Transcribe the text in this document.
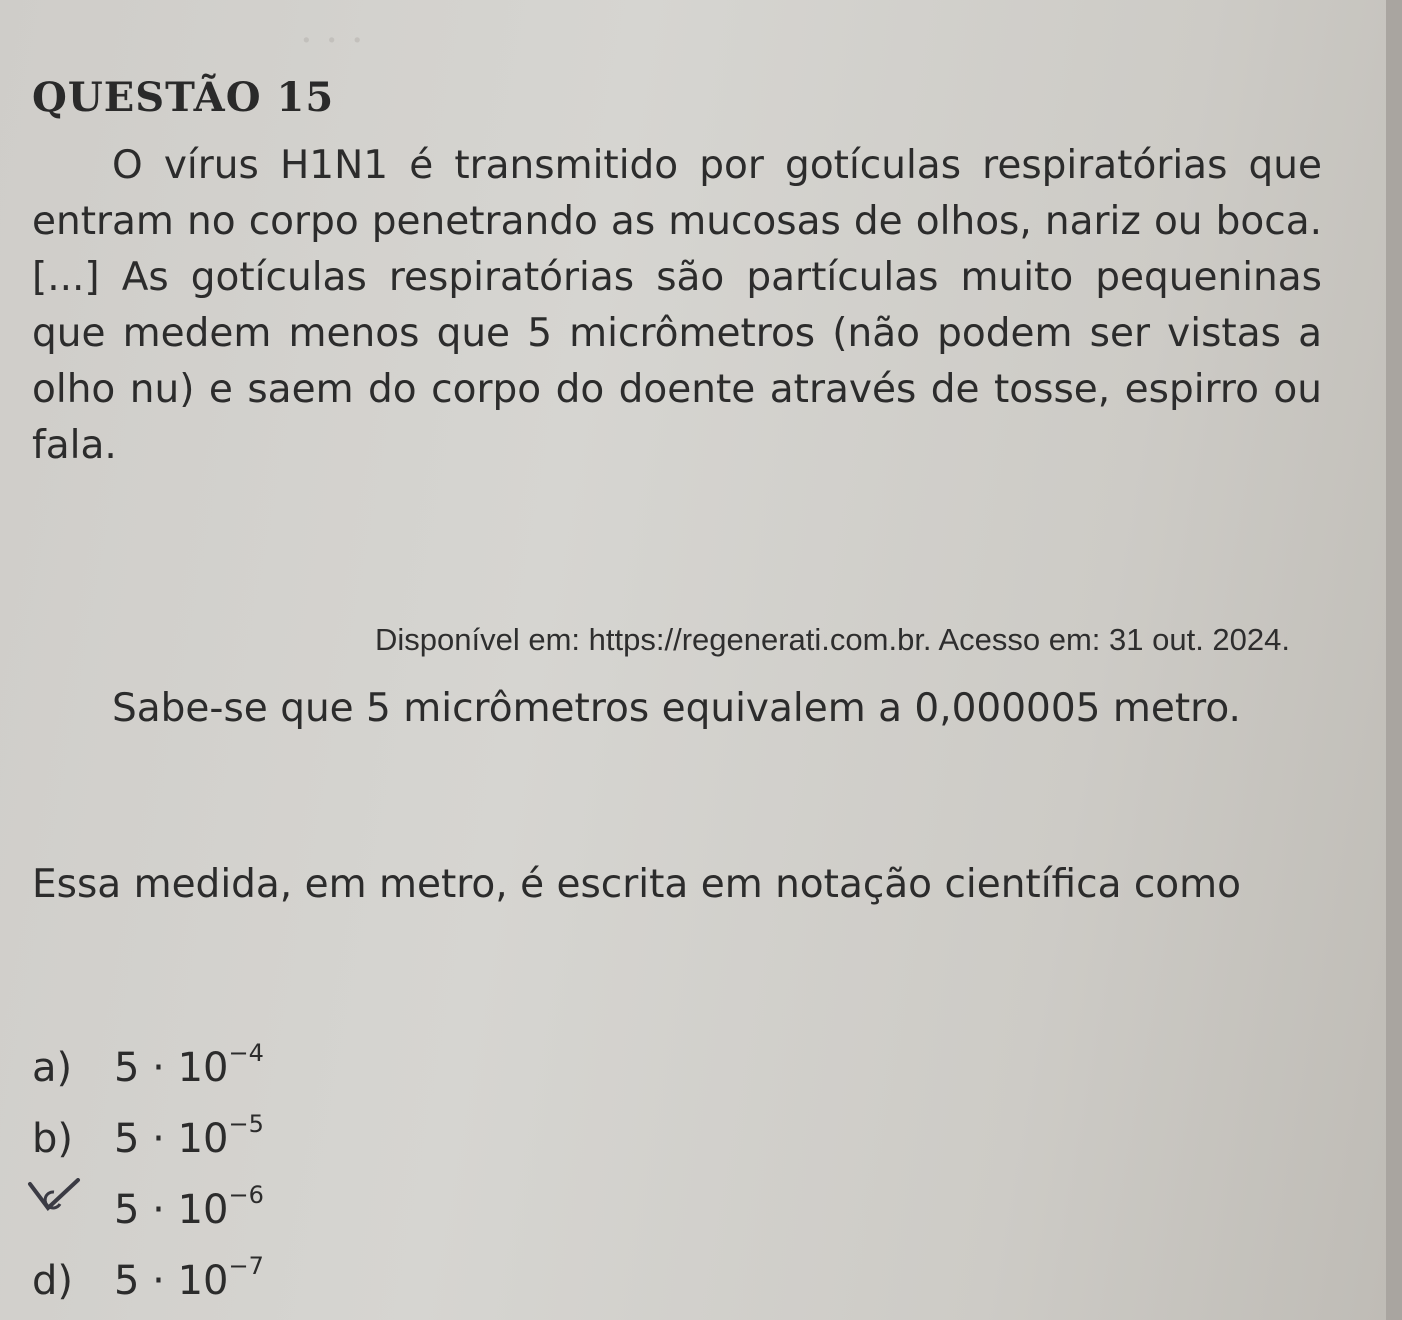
· · ·
QUESTÃO 15
O vírus H1N1 é transmitido por gotículas respiratórias que entram no corpo penetrando as mucosas de olhos, nariz ou boca. [...] As gotículas respiratórias são partículas muito pequeninas que medem menos que 5 micrômetros (não podem ser vistas a olho nu) e saem do corpo do doente através de tosse, espirro ou fala.
Disponível em: https://regenerati.com.br. Acesso em: 31 out. 2024.
Sabe-se que 5 micrômetros equivalem a 0,000005 metro.
Essa medida, em metro, é escrita em notação científica como
a) $5 \cdot 10^{-4}$
b) $5 \cdot 10^{-5}$
$5 \cdot 10^{-6}$
d) $5 \cdot 10^{-7}$
